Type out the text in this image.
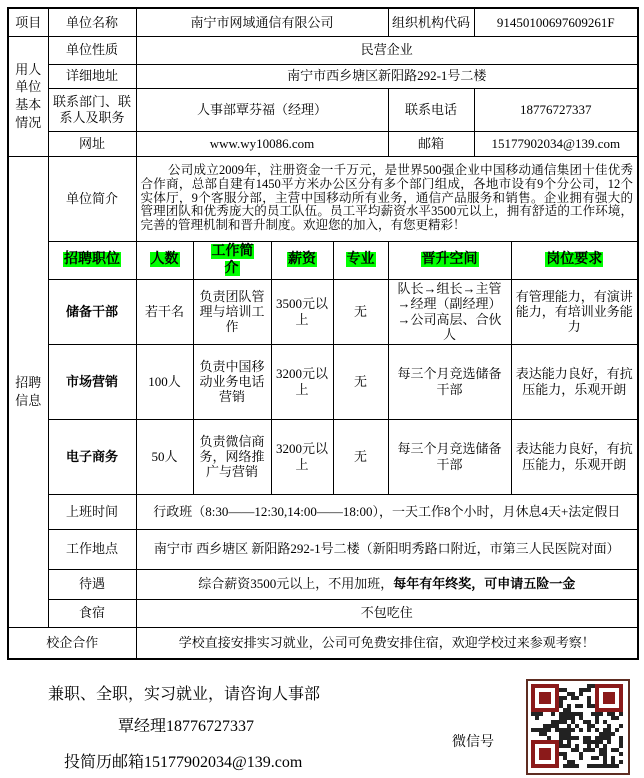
项目	单位名称	南宁市网域通信有限公司				组织机构代码	91450100697609261F	
用人单位基本情况	单位性质	民营企业						
	详细地址	南宁市西乡塘区新阳路292-1号二楼						
	联系部门、联系人及职务	人事部覃芬福（经理）				联系电话	18776727337	
	网址	www.wy10086.com				邮箱	15177902034@139.com	
招聘信息	单位简介	公司成立2009年，注册资金一千万元，是世界500强企业中国移动通信集团十佳优秀合作商，总部自建有1450平方米办公区分有多个部门组成，各地市设有9个分公司，12个实体厅，9个客服分部，主营中国移动所有业务，通信产品服务和销售。企业拥有强大的管理团队和优秀庞大的员工队伍。员工平均薪资水平3500元以上，拥有舒适的工作环境，完善的管理机制和晋升制度。欢迎您的加入，有您更精彩！						

	招聘职位	人数	工作简介	薪资	专业	晋升空间		岗位要求
	储备干部	若干名	负责团队管理与培训工作	3500元以上	无	队长→组长→主管→经理（副经理）→公司高层、合伙人		有管理能力，有演讲能力，有培训业务能力
	市场营销	100人	负责中国移动业务电话营销	3200元以上	无	每三个月竞选储备干部		表达能力良好，有抗压能力，乐观开朗
	电子商务	50人	负责微信商务，网络推广与营销	3200元以上	无	每三个月竞选储备干部		表达能力良好，有抗压能力，乐观开朗
	上班时间	行政班（8:30——12:30,14:00——18:00），一天工作8个小时，月休息4天+法定假日						
	工作地点	南宁市 西乡塘区 新阳路292-1号二楼（新阳明秀路口附近，市第三人民医院对面）						
	待遇	综合薪资3500元以上，不用加班，每年有年终奖，可申请五险一金						
	食宿	不包吃住						
校企合作		学校直接安排实习就业，公司可免费安排住宿，欢迎学校过来参观考察！						
兼职、全职，实习就业，请咨询人事部
覃经理18776727337
投简历邮箱15177902034@139.com
微信号
